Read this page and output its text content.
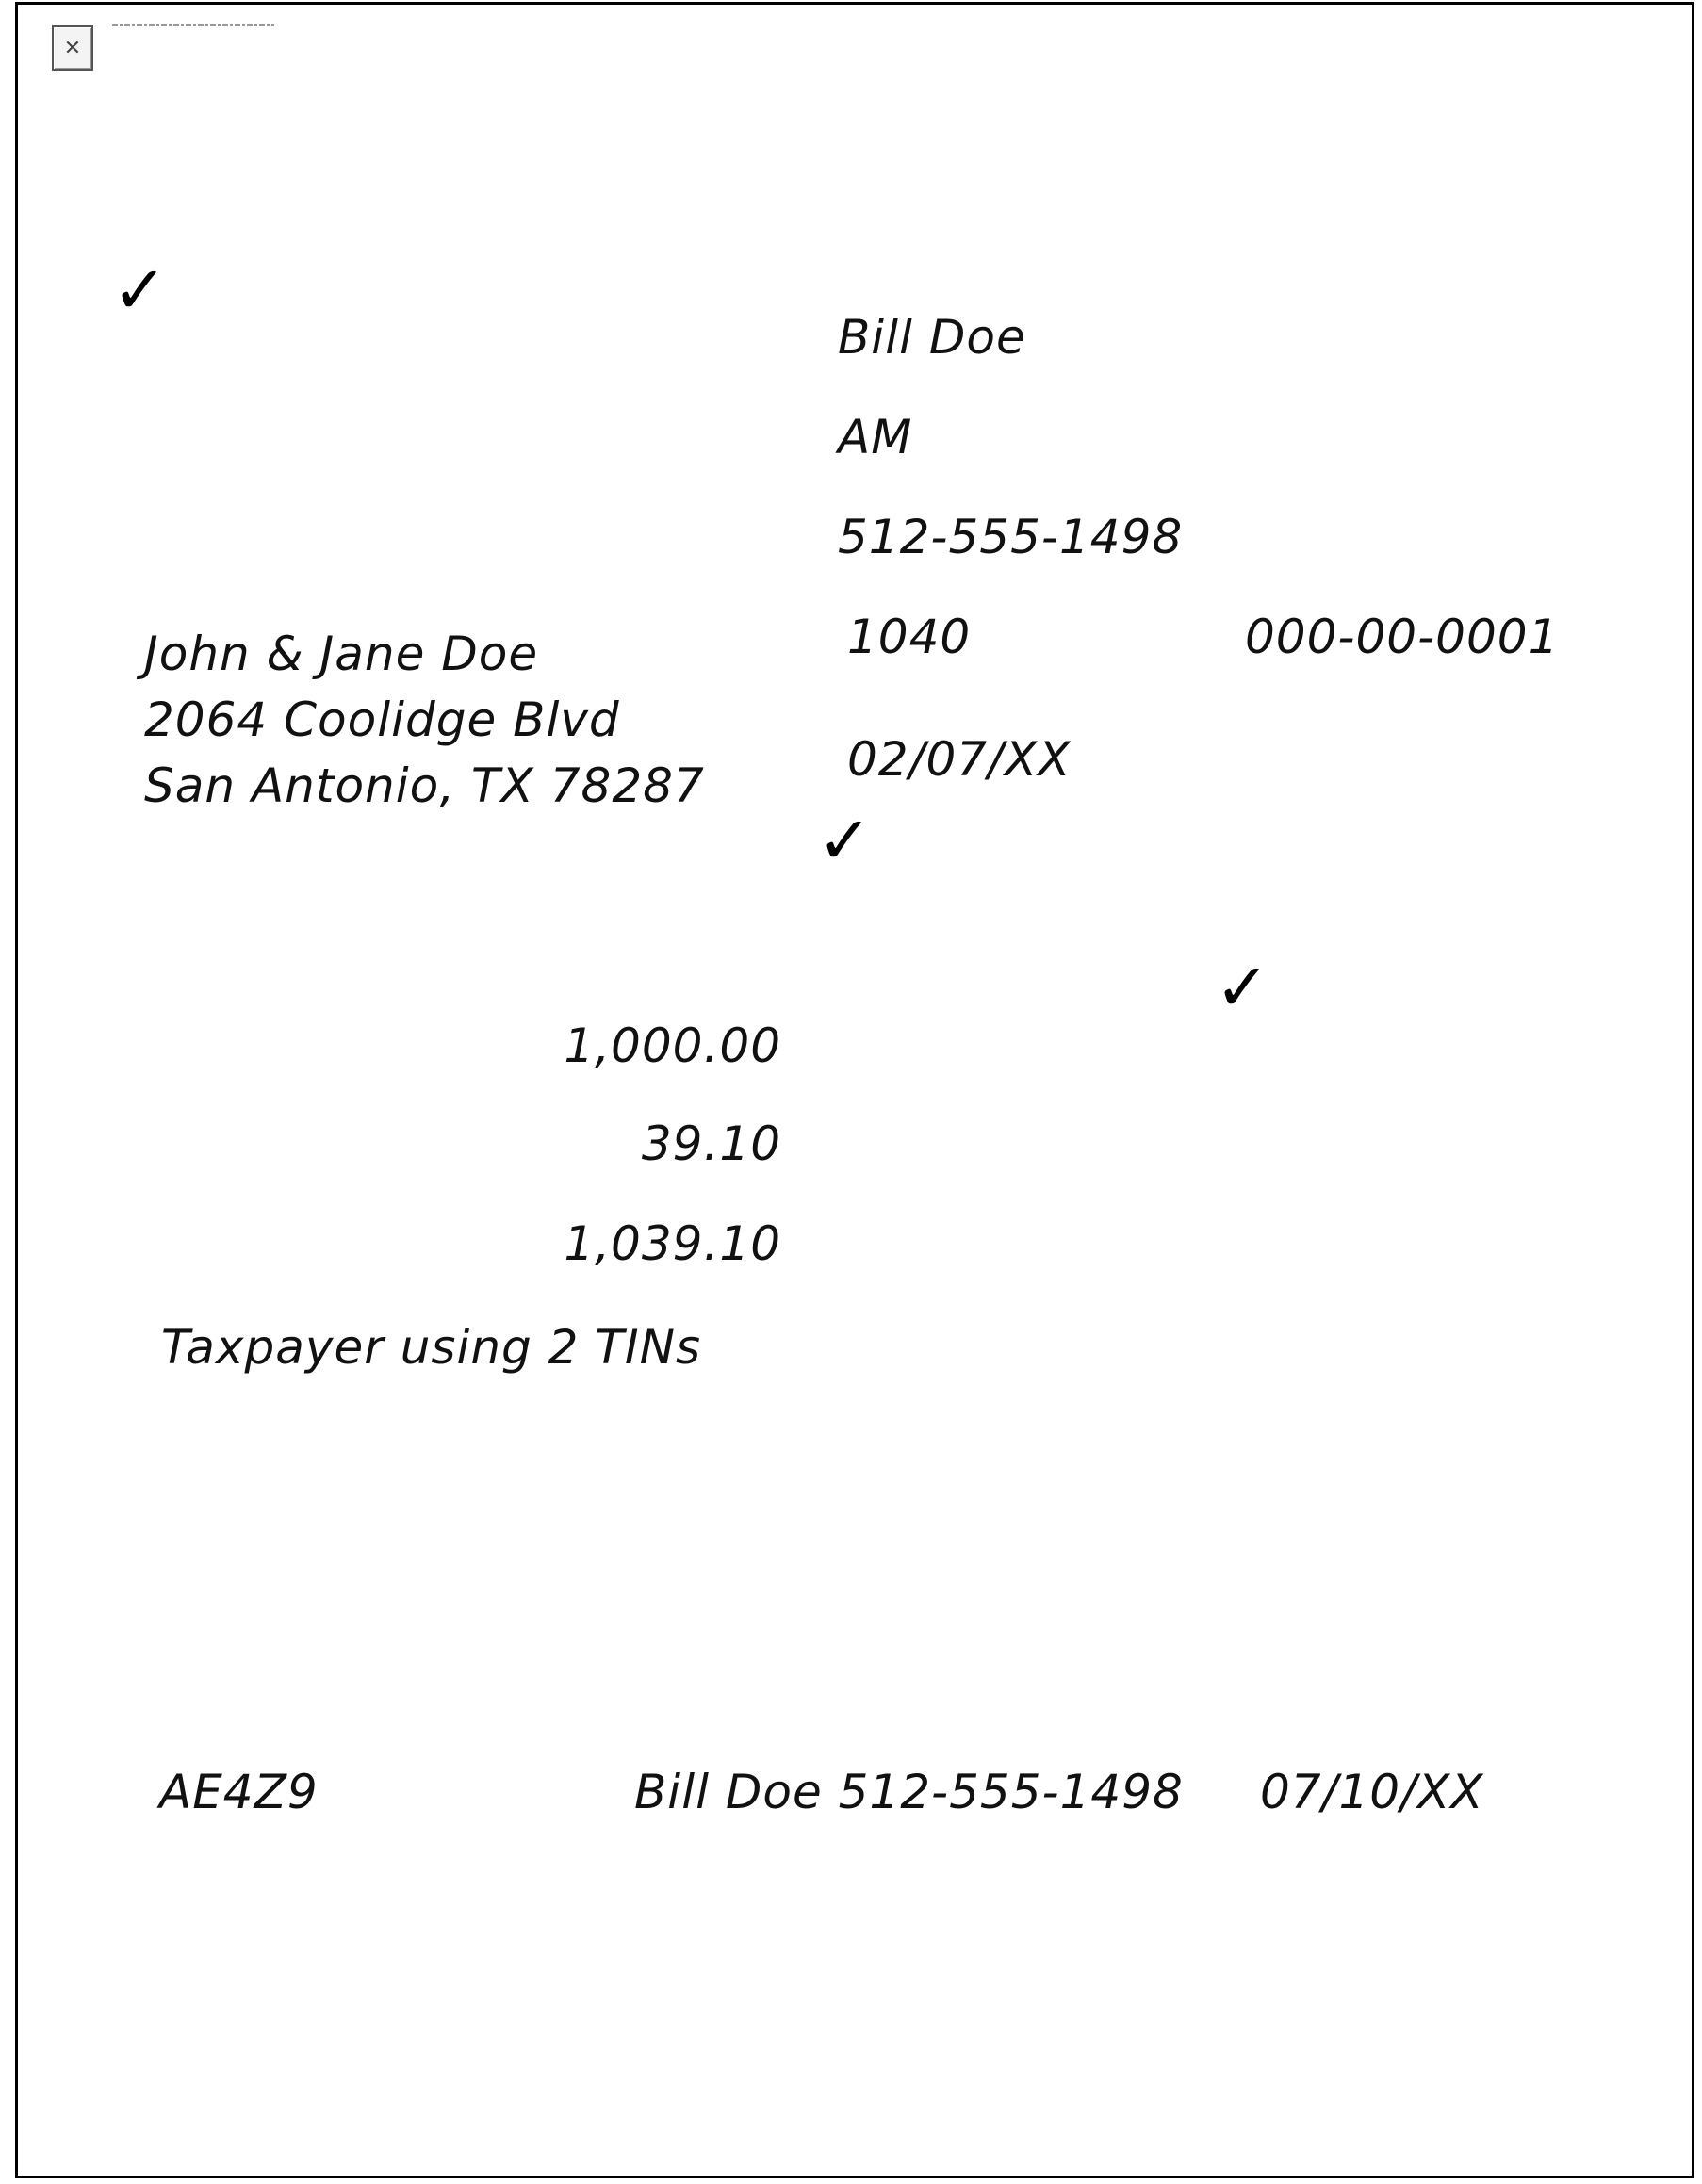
✕
✓
Bill Doe
AM
512-555-1498
1040	000-00-0001
John & Jane Doe
2064 Coolidge Blvd
San Antonio, TX 78287	02/07/XX
✓
✓
1,000.00
39.10
1,039.10
Taxpayer using 2 TINs
AE4Z9	Bill Doe 512-555-1498 07/10/XX
